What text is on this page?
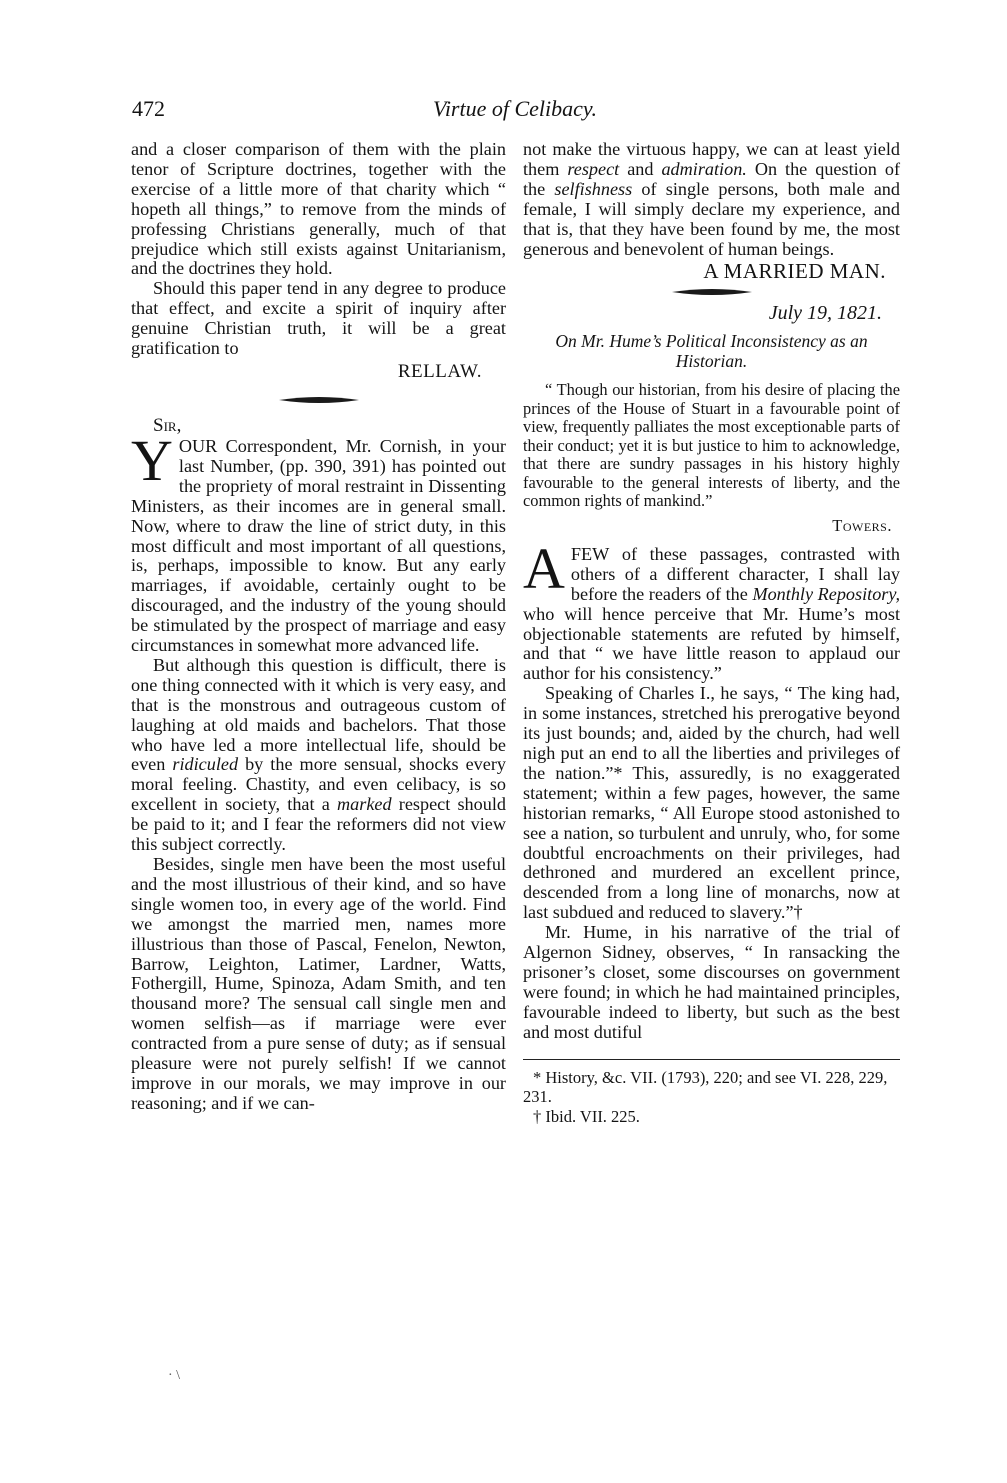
472	Virtue of Celibacy.

and a closer comparison of them with the plain tenor of Scripture doctrines, together with the exercise of a little more of that charity which “ hopeth all things,” to remove from the minds of professing Christians generally, much of that prejudice which still exists against Unitarianism, and the doctrines they hold.

Should this paper tend in any degree to produce that effect, and excite a spirit of inquiry after genuine Christian truth, it will be a great gratification to

RELLAW.

Sir,

YOUR Correspondent, Mr. Cornish, in your last Number, (pp. 390, 391) has pointed out the propriety of moral restraint in Dissenting Ministers, as their incomes are in general small. Now, where to draw the line of strict duty, in this most difficult and most important of all questions, is, perhaps, impossible to know. But any early marriages, if avoidable, certainly ought to be discouraged, and the industry of the young should be stimulated by the prospect of marriage and easy circumstances in somewhat more advanced life.

But although this question is difficult, there is one thing connected with it which is very easy, and that is the monstrous and outrageous custom of laughing at old maids and bachelors. That those who have led a more intellectual life, should be even ridiculed by the more sensual, shocks every moral feeling. Chastity, and even celibacy, is so excellent in society, that a marked respect should be paid to it; and I fear the reformers did not view this subject correctly.

Besides, single men have been the most useful and the most illustrious of their kind, and so have single women too, in every age of the world. Find we amongst the married men, names more illustrious than those of Pascal, Fenelon, Newton, Barrow, Leighton, Latimer, Lardner, Watts, Fothergill, Hume, Spinoza, Adam Smith, and ten thousand more? The sensual call single men and women selfish—as if marriage were ever contracted from a pure sense of duty; as if sensual pleasure were not purely selfish! If we cannot improve in our morals, we may improve in our reasoning; and if we can-

· \

not make the virtuous happy, we can at least yield them respect and admiration. On the question of the selfishness of single persons, both male and female, I will simply declare my experience, and that is, that they have been found by me, the most generous and benevolent of human beings.

A MARRIED MAN.

July 19, 1821.

On Mr. Hume’s Political Inconsistency as an Historian.

“ Though our historian, from his desire of placing the princes of the House of Stuart in a favourable point of view, frequently palliates the most exceptionable parts of their conduct; yet it is but justice to him to acknowledge, that there are sundry passages in his history highly favourable to the general interests of liberty, and the common rights of mankind.”

Towers.

AFEW of these passages, contrasted with others of a different character, I shall lay before the readers of the Monthly Repository, who will hence perceive that Mr. Hume’s most objectionable statements are refuted by himself, and that “ we have little reason to applaud our author for his consistency.”

Speaking of Charles I., he says, “ The king had, in some instances, stretched his prerogative beyond its just bounds; and, aided by the church, had well nigh put an end to all the liberties and privileges of the nation.”* This, assuredly, is no exaggerated statement; within a few pages, however, the same historian remarks, “ All Europe stood astonished to see a nation, so turbulent and unruly, who, for some doubtful encroachments on their privileges, had dethroned and murdered an excellent prince, descended from a long line of monarchs, now at last subdued and reduced to slavery.”†

Mr. Hume, in his narrative of the trial of Algernon Sidney, observes, “ In ransacking the prisoner’s closet, some discourses on government were found; in which he had maintained principles, favourable indeed to liberty, but such as the best and most dutiful

* History, &c. VII. (1793), 220; and see VI. 228, 229, 231.

† Ibid. VII. 225.
